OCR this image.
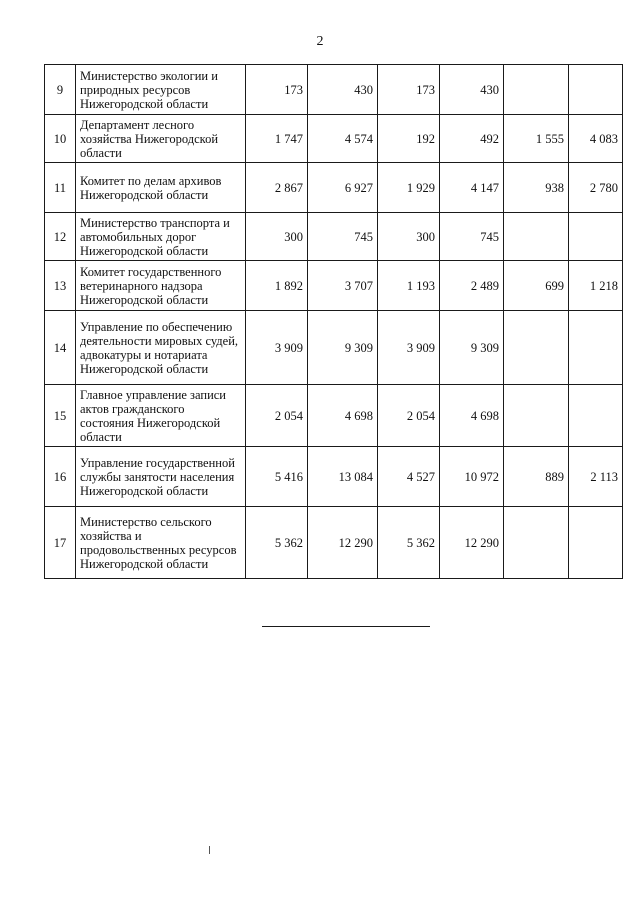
2
9	Министерство экологии и природных ресурсов Нижегородской области	173	430	173	430		
10	Департамент лесного хозяйства Нижегородской области	1 747	4 574	192	492	1 555	4 083
11	Комитет по делам архивов Нижегородской области	2 867	6 927	1 929	4 147	938	2 780
12	Министерство транспорта и автомобильных дорог Нижегородской области	300	745	300	745		
13	Комитет государственного ветеринарного надзора Нижегородской области	1 892	3 707	1 193	2 489	699	1 218
14	Управление по обеспечению деятельности мировых судей, адвокатуры и нотариата Нижегородской области	3 909	9 309	3 909	9 309		
15	Главное управление записи актов гражданского состояния Нижегородской области	2 054	4 698	2 054	4 698		
16	Управление государственной службы занятости населения Нижегородской области	5 416	13 084	4 527	10 972	889	2 113
17	Министерство сельского хозяйства и продовольственных ресурсов Нижегородской области	5 362	12 290	5 362	12 290		
